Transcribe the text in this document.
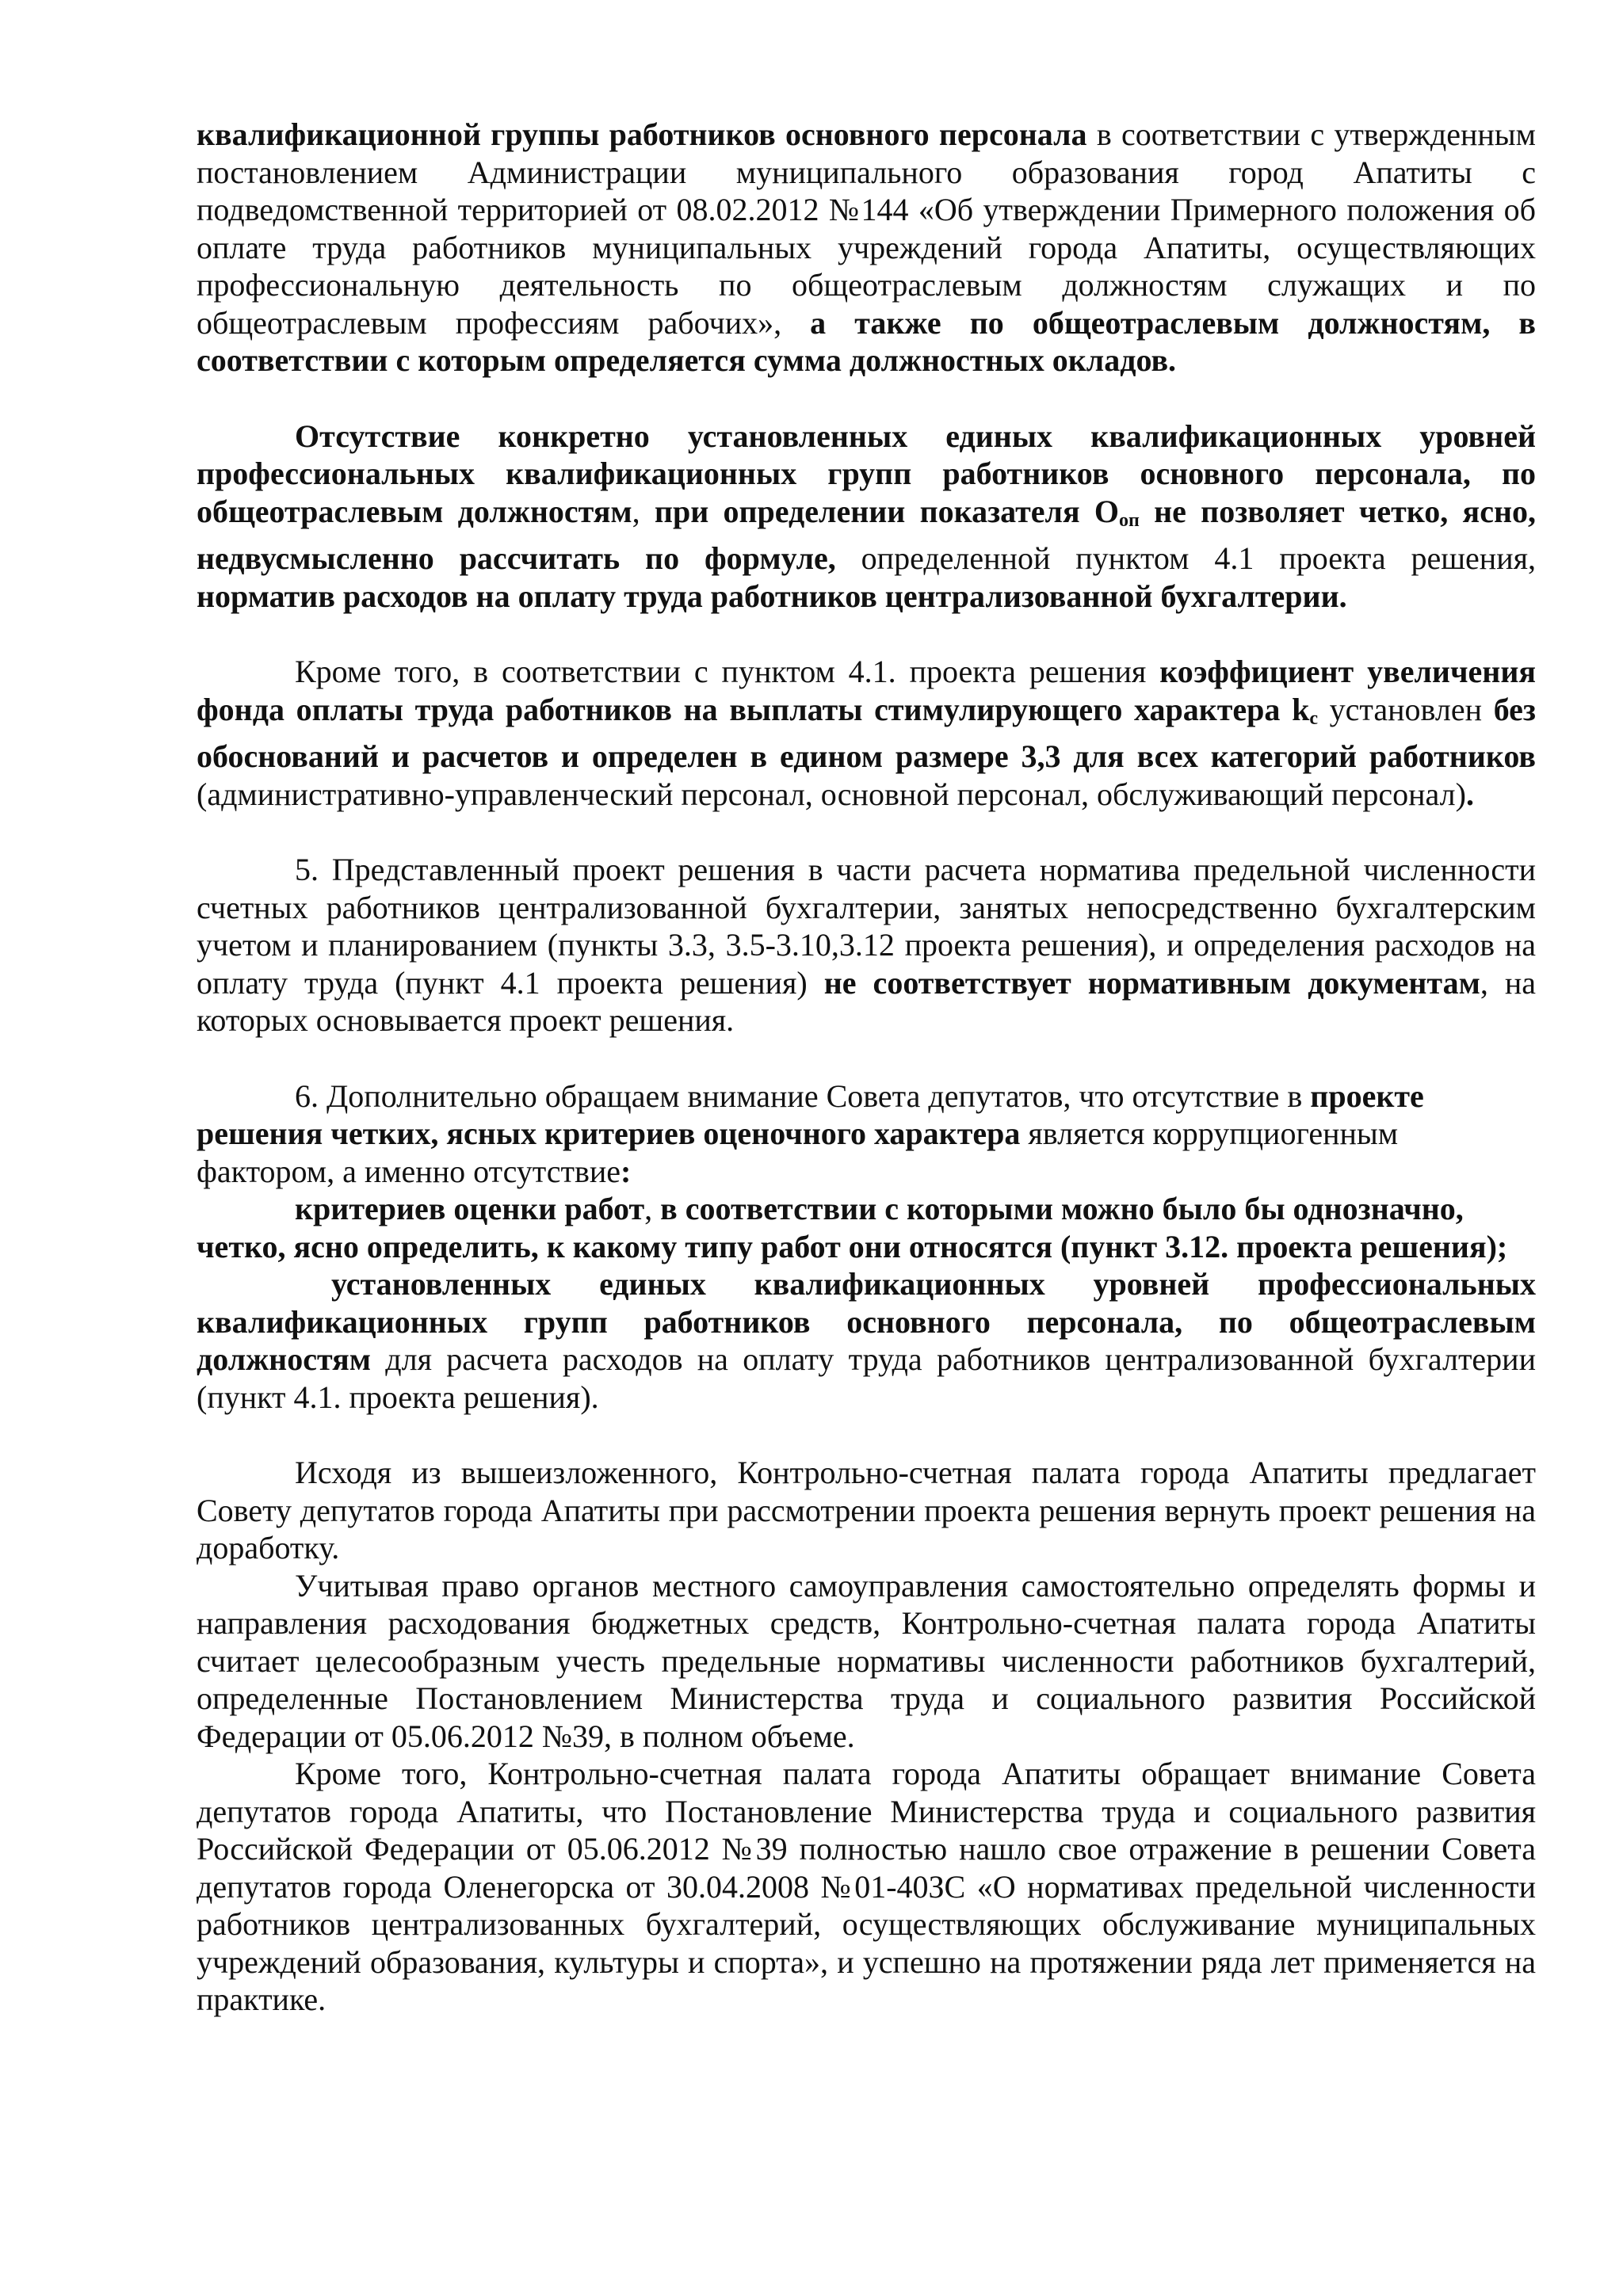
квалификационной группы работников основного персонала в соответствии с утвержденным постановлением Администрации муниципального образования город Апатиты с подведомственной территорией от 08.02.2012 №144 «Об утверждении Примерного положения об оплате труда работников муниципальных учреждений города Апатиты, осуществляющих профессиональную деятельность по общеотраслевым должностям служащих и по общеотраслевым профессиям рабочих», а также по общеотраслевым должностям, в соответствии с которым определяется сумма должностных окладов.

Отсутствие конкретно установленных единых квалификационных уровней профессиональных квалификационных групп работников основного персонала, по общеотраслевым должностям, при определении показателя $О_{оп}$ не позволяет четко, ясно, недвусмысленно рассчитать по формуле, определенной пунктом 4.1 проекта решения, норматив расходов на оплату труда работников централизованной бухгалтерии.

Кроме того, в соответствии с пунктом 4.1. проекта решения коэффициент увеличения фонда оплаты труда работников на выплаты стимулирующего характера $k_c$ установлен без обоснований и расчетов и определен в едином размере 3,3 для всех категорий работников (административно-управленческий персонал, основной персонал, обслуживающий персонал).

5. Представленный проект решения в части расчета норматива предельной численности счетных работников централизованной бухгалтерии, занятых непосредственно бухгалтерским учетом и планированием (пункты 3.3, 3.5-3.10,3.12 проекта решения), и определения расходов на оплату труда (пункт 4.1 проекта решения) не соответствует нормативным документам, на которых основывается проект решения.

6. Дополнительно обращаем внимание Совета депутатов, что отсутствие в проекте решения четких, ясных критериев оценочного характера является коррупциогенным фактором, а именно отсутствие:

критериев оценки работ, в соответствии с которыми можно было бы однозначно, четко, ясно определить, к какому типу работ они относятся (пункт 3.12. проекта решения);

установленных единых квалификационных уровней профессиональных квалификационных групп работников основного персонала, по общеотраслевым должностям для расчета расходов на оплату труда работников централизованной бухгалтерии (пункт 4.1. проекта решения).

Исходя из вышеизложенного, Контрольно-счетная палата города Апатиты предлагает Совету депутатов города Апатиты при рассмотрении проекта решения вернуть проект решения на доработку.

Учитывая право органов местного самоуправления самостоятельно определять формы и направления расходования бюджетных средств, Контрольно-счетная палата города Апатиты считает целесообразным учесть предельные нормативы численности работников бухгалтерий, определенные Постановлением Министерства труда и социального развития Российской Федерации от 05.06.2012 №39, в полном объеме.

Кроме того, Контрольно-счетная палата города Апатиты обращает внимание Совета депутатов города Апатиты, что Постановление Министерства труда и социального развития Российской Федерации от 05.06.2012 №39 полностью нашло свое отражение в решении Совета депутатов города Оленегорска от 30.04.2008 №01-40ЗС «О нормативах предельной численности работников централизованных бухгалтерий, осуществляющих обслуживание муниципальных учреждений образования, культуры и спорта», и успешно на протяжении ряда лет применяется на практике.
